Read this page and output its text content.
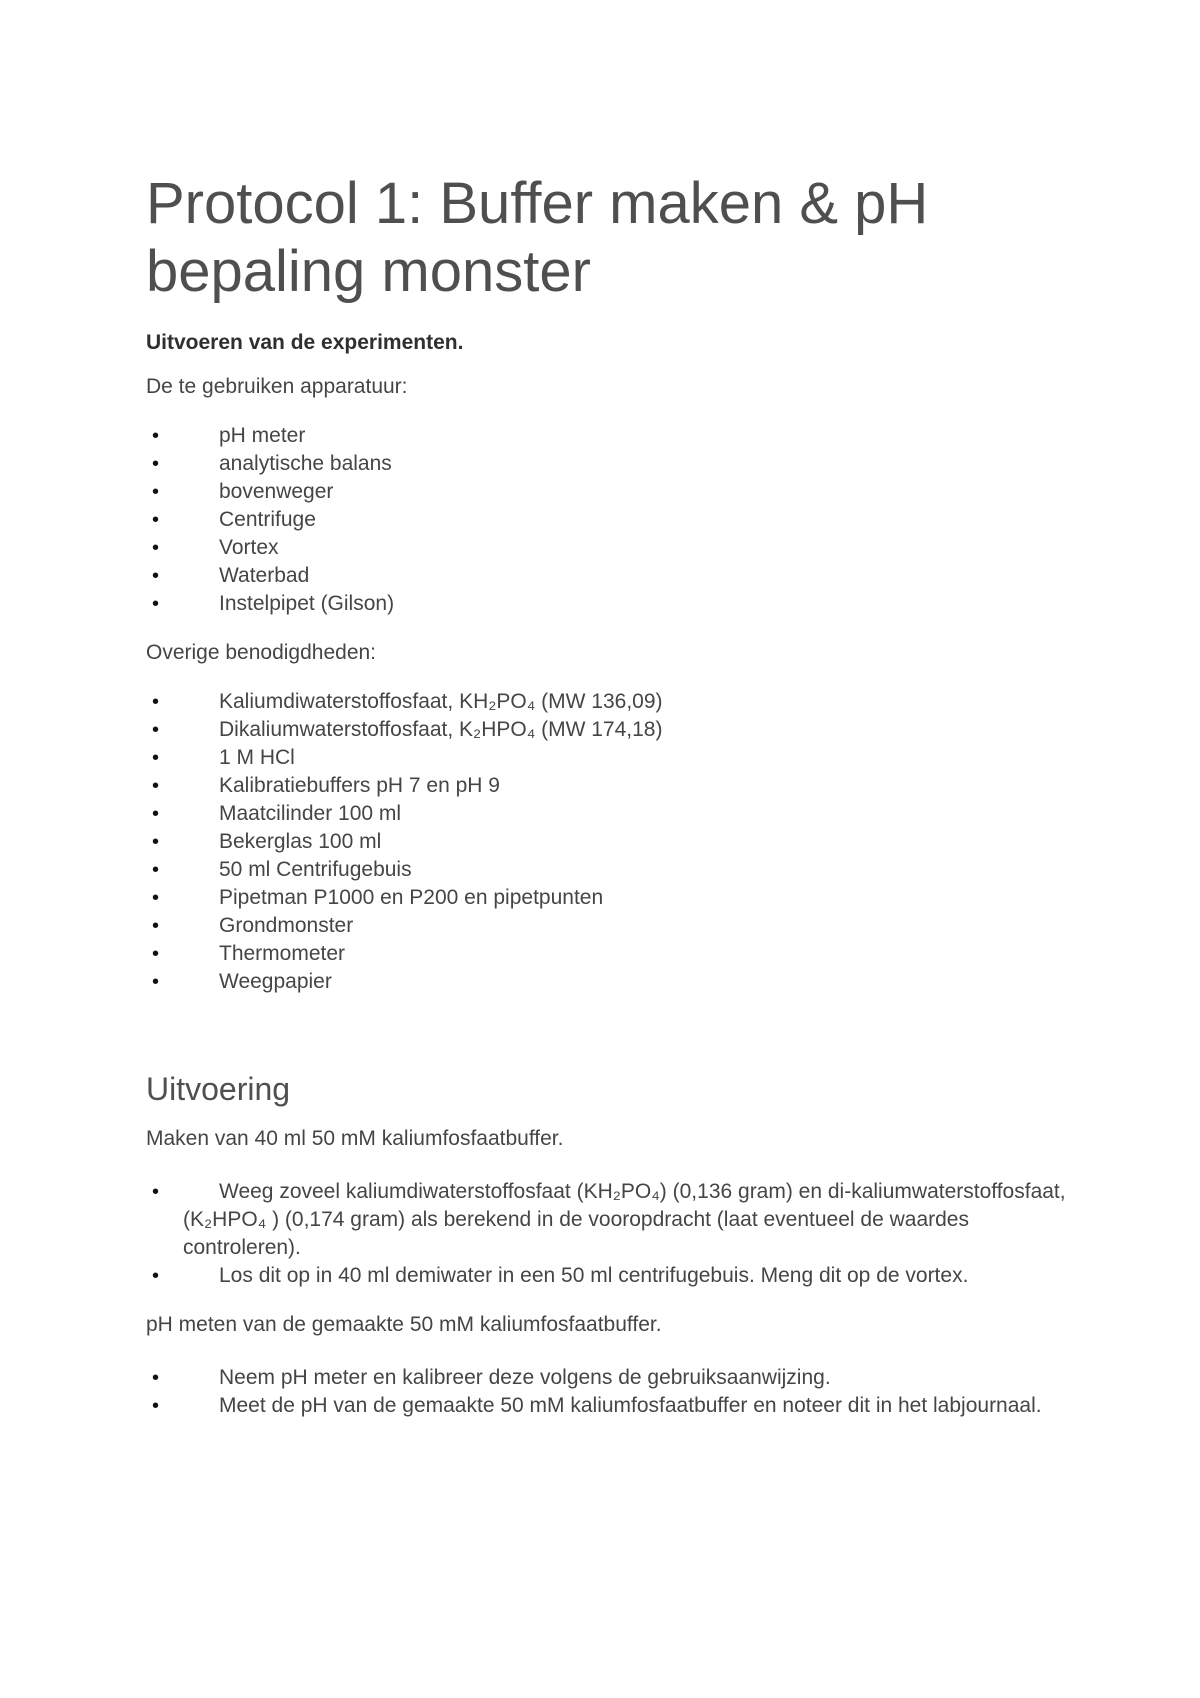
Protocol 1: Buffer maken & pH bepaling monster

Uitvoeren van de experimenten.

De te gebruiken apparatuur:

•	pH meter
•	analytische balans
•	bovenweger
•	Centrifuge
•	Vortex
•	Waterbad
•	Instelpipet (Gilson)

Overige benodigdheden:

•	Kaliumdiwaterstoffosfaat, KH₂PO₄ (MW 136,09)
•	Dikaliumwaterstoffosfaat, K₂HPO₄ (MW 174,18)
•	1 M HCl
•	Kalibratiebuffers pH 7 en pH 9
•	Maatcilinder 100 ml
•	Bekerglas 100 ml
•	50 ml Centrifugebuis
•	Pipetman P1000 en P200 en pipetpunten
•	Grondmonster
•	Thermometer
•	Weegpapier
Uitvoering

Maken van 40 ml 50 mM kaliumfosfaatbuffer.

•	Weeg zoveel kaliumdiwaterstoffosfaat (KH₂PO₄) (0,136 gram) en di-kaliumwaterstoffosfaat, (K₂HPO₄ ) (0,174 gram) als berekend in de vooropdracht (laat eventueel de waardes controleren).
•	Los dit op in 40 ml demiwater in een 50 ml centrifugebuis. Meng dit op de vortex.

pH meten van de gemaakte 50 mM kaliumfosfaatbuffer.

•	Neem pH meter en kalibreer deze volgens de gebruiksaanwijzing.
•	Meet de pH van de gemaakte 50 mM kaliumfosfaatbuffer en noteer dit in het labjournaal.
